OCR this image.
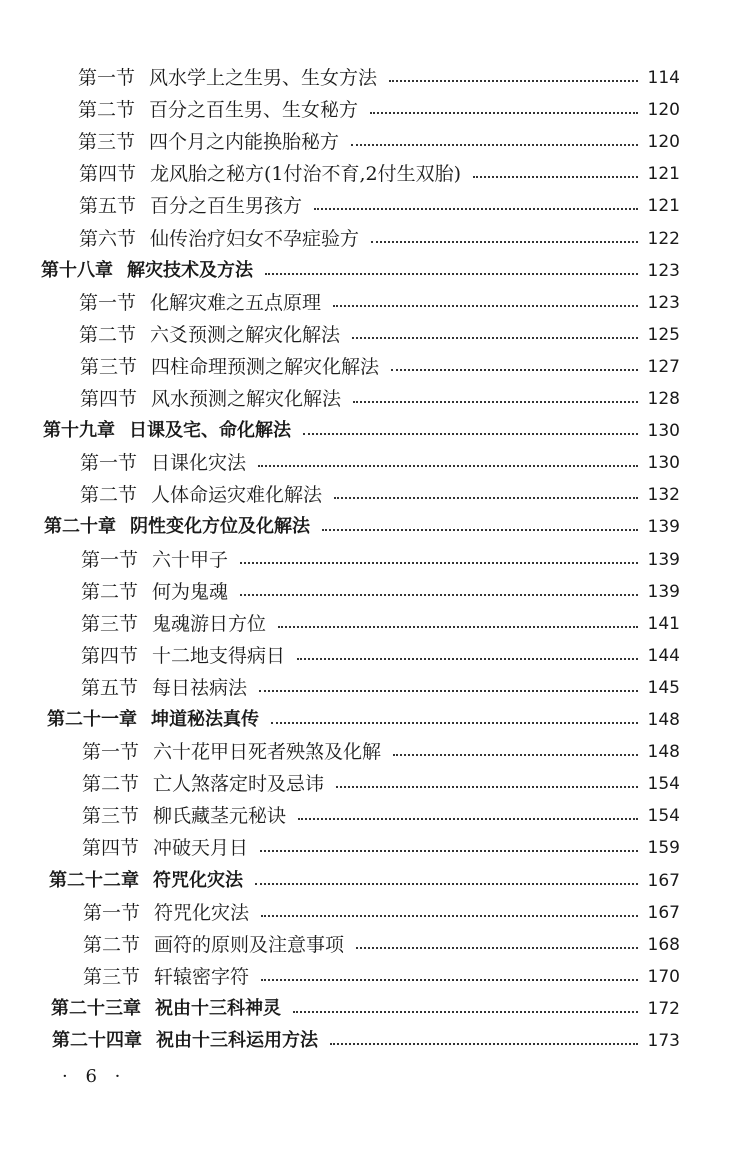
第一节 风水学上之生男、生女方法	114
第二节 百分之百生男、生女秘方	120
第三节 四个月之内能换胎秘方	120
第四节 龙风胎之秘方(1付治不育,2付生双胎)	121
第五节 百分之百生男孩方	121
第六节 仙传治疗妇女不孕症验方	122
第十八章 解灾技术及方法	123
第一节 化解灾难之五点原理	123
第二节 六爻预测之解灾化解法	125
第三节 四柱命理预测之解灾化解法	127
第四节 风水预测之解灾化解法	128
第十九章 日课及宅、命化解法	130
第一节 日课化灾法	130
第二节 人体命运灾难化解法	132
第二十章 阴性变化方位及化解法	139
第一节 六十甲子	139
第二节 何为鬼魂	139
第三节 鬼魂游日方位	141
第四节 十二地支得病日	144
第五节 每日祛病法	145
第二十一章 坤道秘法真传	148
第一节 六十花甲日死者殃煞及化解	148
第二节 亡人煞落定时及忌讳	154
第三节 柳氏藏茎元秘诀	154
第四节 冲破天月日	159
第二十二章 符咒化灾法	167
第一节 符咒化灾法	167
第二节 画符的原则及注意事项	168
第三节 轩辕密字符	170
第二十三章 祝由十三科神灵	172
第二十四章 祝由十三科运用方法	173
· 6 ·
